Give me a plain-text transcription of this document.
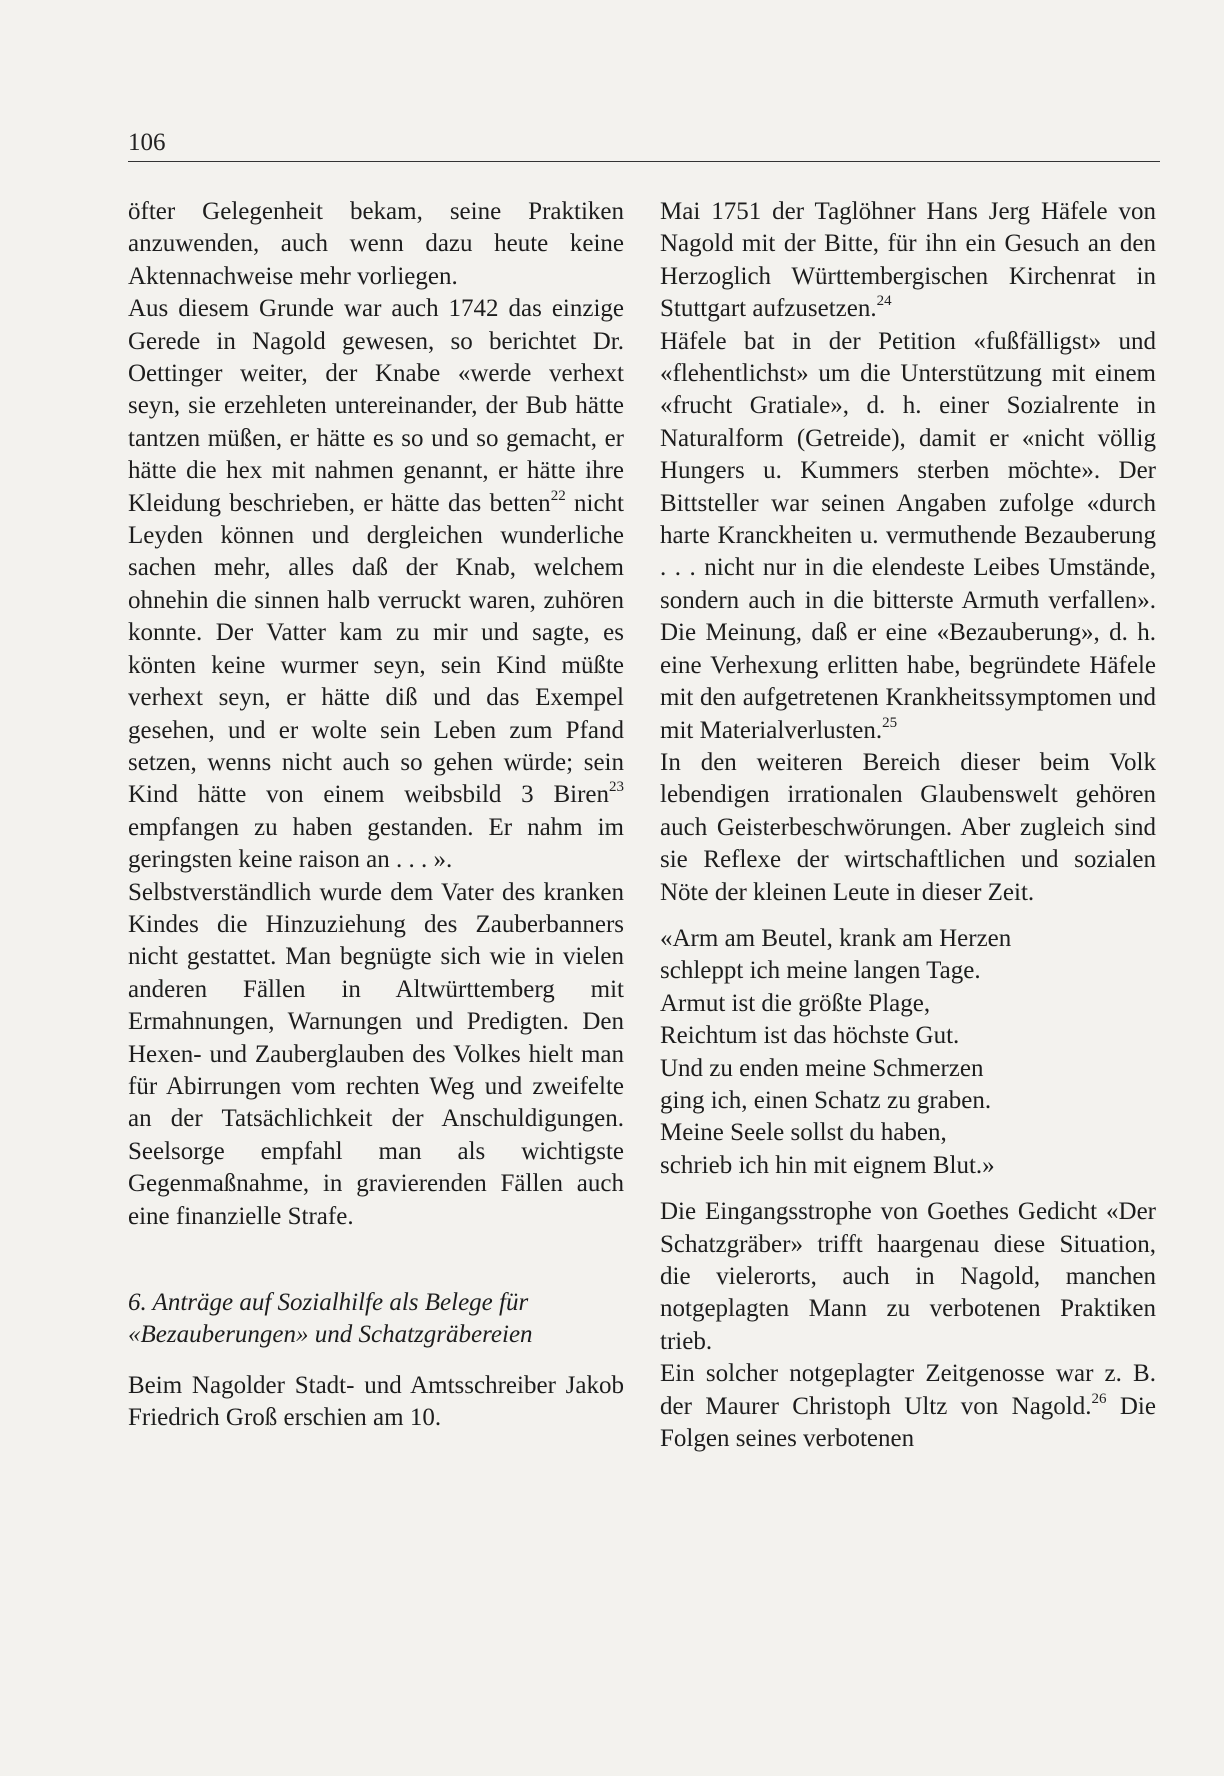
106

öfter Gelegenheit bekam, seine Praktiken anzuwenden, auch wenn dazu heute keine Aktennachweise mehr vorliegen.

Aus diesem Grunde war auch 1742 das einzige Gerede in Nagold gewesen, so berichtet Dr. Oettinger weiter, der Knabe «werde verhext seyn, sie erzehleten untereinander, der Bub hätte tantzen müßen, er hätte es so und so gemacht, er hätte die hex mit nahmen genannt, er hätte ihre Kleidung beschrieben, er hätte das betten$^{22}$ nicht Leyden können und dergleichen wunderliche sachen mehr, alles daß der Knab, welchem ohnehin die sinnen halb verruckt waren, zuhören konnte. Der Vatter kam zu mir und sagte, es könten keine wurmer seyn, sein Kind müßte verhext seyn, er hätte diß und das Exempel gesehen, und er wolte sein Leben zum Pfand setzen, wenns nicht auch so gehen würde; sein Kind hätte von einem weibsbild 3 Biren$^{23}$ empfangen zu haben gestanden. Er nahm im geringsten keine raison an . . . ».

Selbstverständlich wurde dem Vater des kranken Kindes die Hinzuziehung des Zauberbanners nicht gestattet. Man begnügte sich wie in vielen anderen Fällen in Altwürttemberg mit Ermahnungen, Warnungen und Predigten. Den Hexen- und Zauberglauben des Volkes hielt man für Abirrungen vom rechten Weg und zweifelte an der Tatsächlichkeit der Anschuldigungen. Seelsorge empfahl man als wichtigste Gegenmaßnahme, in gravierenden Fällen auch eine finanzielle Strafe.

6. Anträge auf Sozialhilfe als Belege für
«Bezauberungen» und Schatzgräbereien

Beim Nagolder Stadt- und Amtsschreiber Jakob Friedrich Groß erschien am 10.

Mai 1751 der Taglöhner Hans Jerg Häfele von Nagold mit der Bitte, für ihn ein Gesuch an den Herzoglich Württembergischen Kirchenrat in Stuttgart aufzusetzen.$^{24}$

Häfele bat in der Petition «fußfälligst» und «flehentlichst» um die Unterstützung mit einem «frucht Gratiale», d. h. einer Sozialrente in Naturalform (Getreide), damit er «nicht völlig Hungers u. Kummers sterben möchte». Der Bittsteller war seinen Angaben zufolge «durch harte Kranckheiten u. vermuthende Bezauberung . . . nicht nur in die elendeste Leibes Umstände, sondern auch in die bitterste Armuth verfallen». Die Meinung, daß er eine «Bezauberung», d. h. eine Verhexung erlitten habe, begründete Häfele mit den aufgetretenen Krankheitssymptomen und mit Materialverlusten.$^{25}$

In den weiteren Bereich dieser beim Volk lebendigen irrationalen Glaubenswelt gehören auch Geisterbeschwörungen. Aber zugleich sind sie Reflexe der wirtschaftlichen und sozialen Nöte der kleinen Leute in dieser Zeit.

«Arm am Beutel, krank am Herzen
schleppt ich meine langen Tage.
Armut ist die größte Plage,
Reichtum ist das höchste Gut.
Und zu enden meine Schmerzen
ging ich, einen Schatz zu graben.
Meine Seele sollst du haben,
schrieb ich hin mit eignem Blut.»

Die Eingangsstrophe von Goethes Gedicht «Der Schatzgräber» trifft haargenau diese Situation, die vielerorts, auch in Nagold, manchen notgeplagten Mann zu verbotenen Praktiken trieb.

Ein solcher notgeplagter Zeitgenosse war z. B. der Maurer Christoph Ultz von Nagold.$^{26}$ Die Folgen seines verbotenen
